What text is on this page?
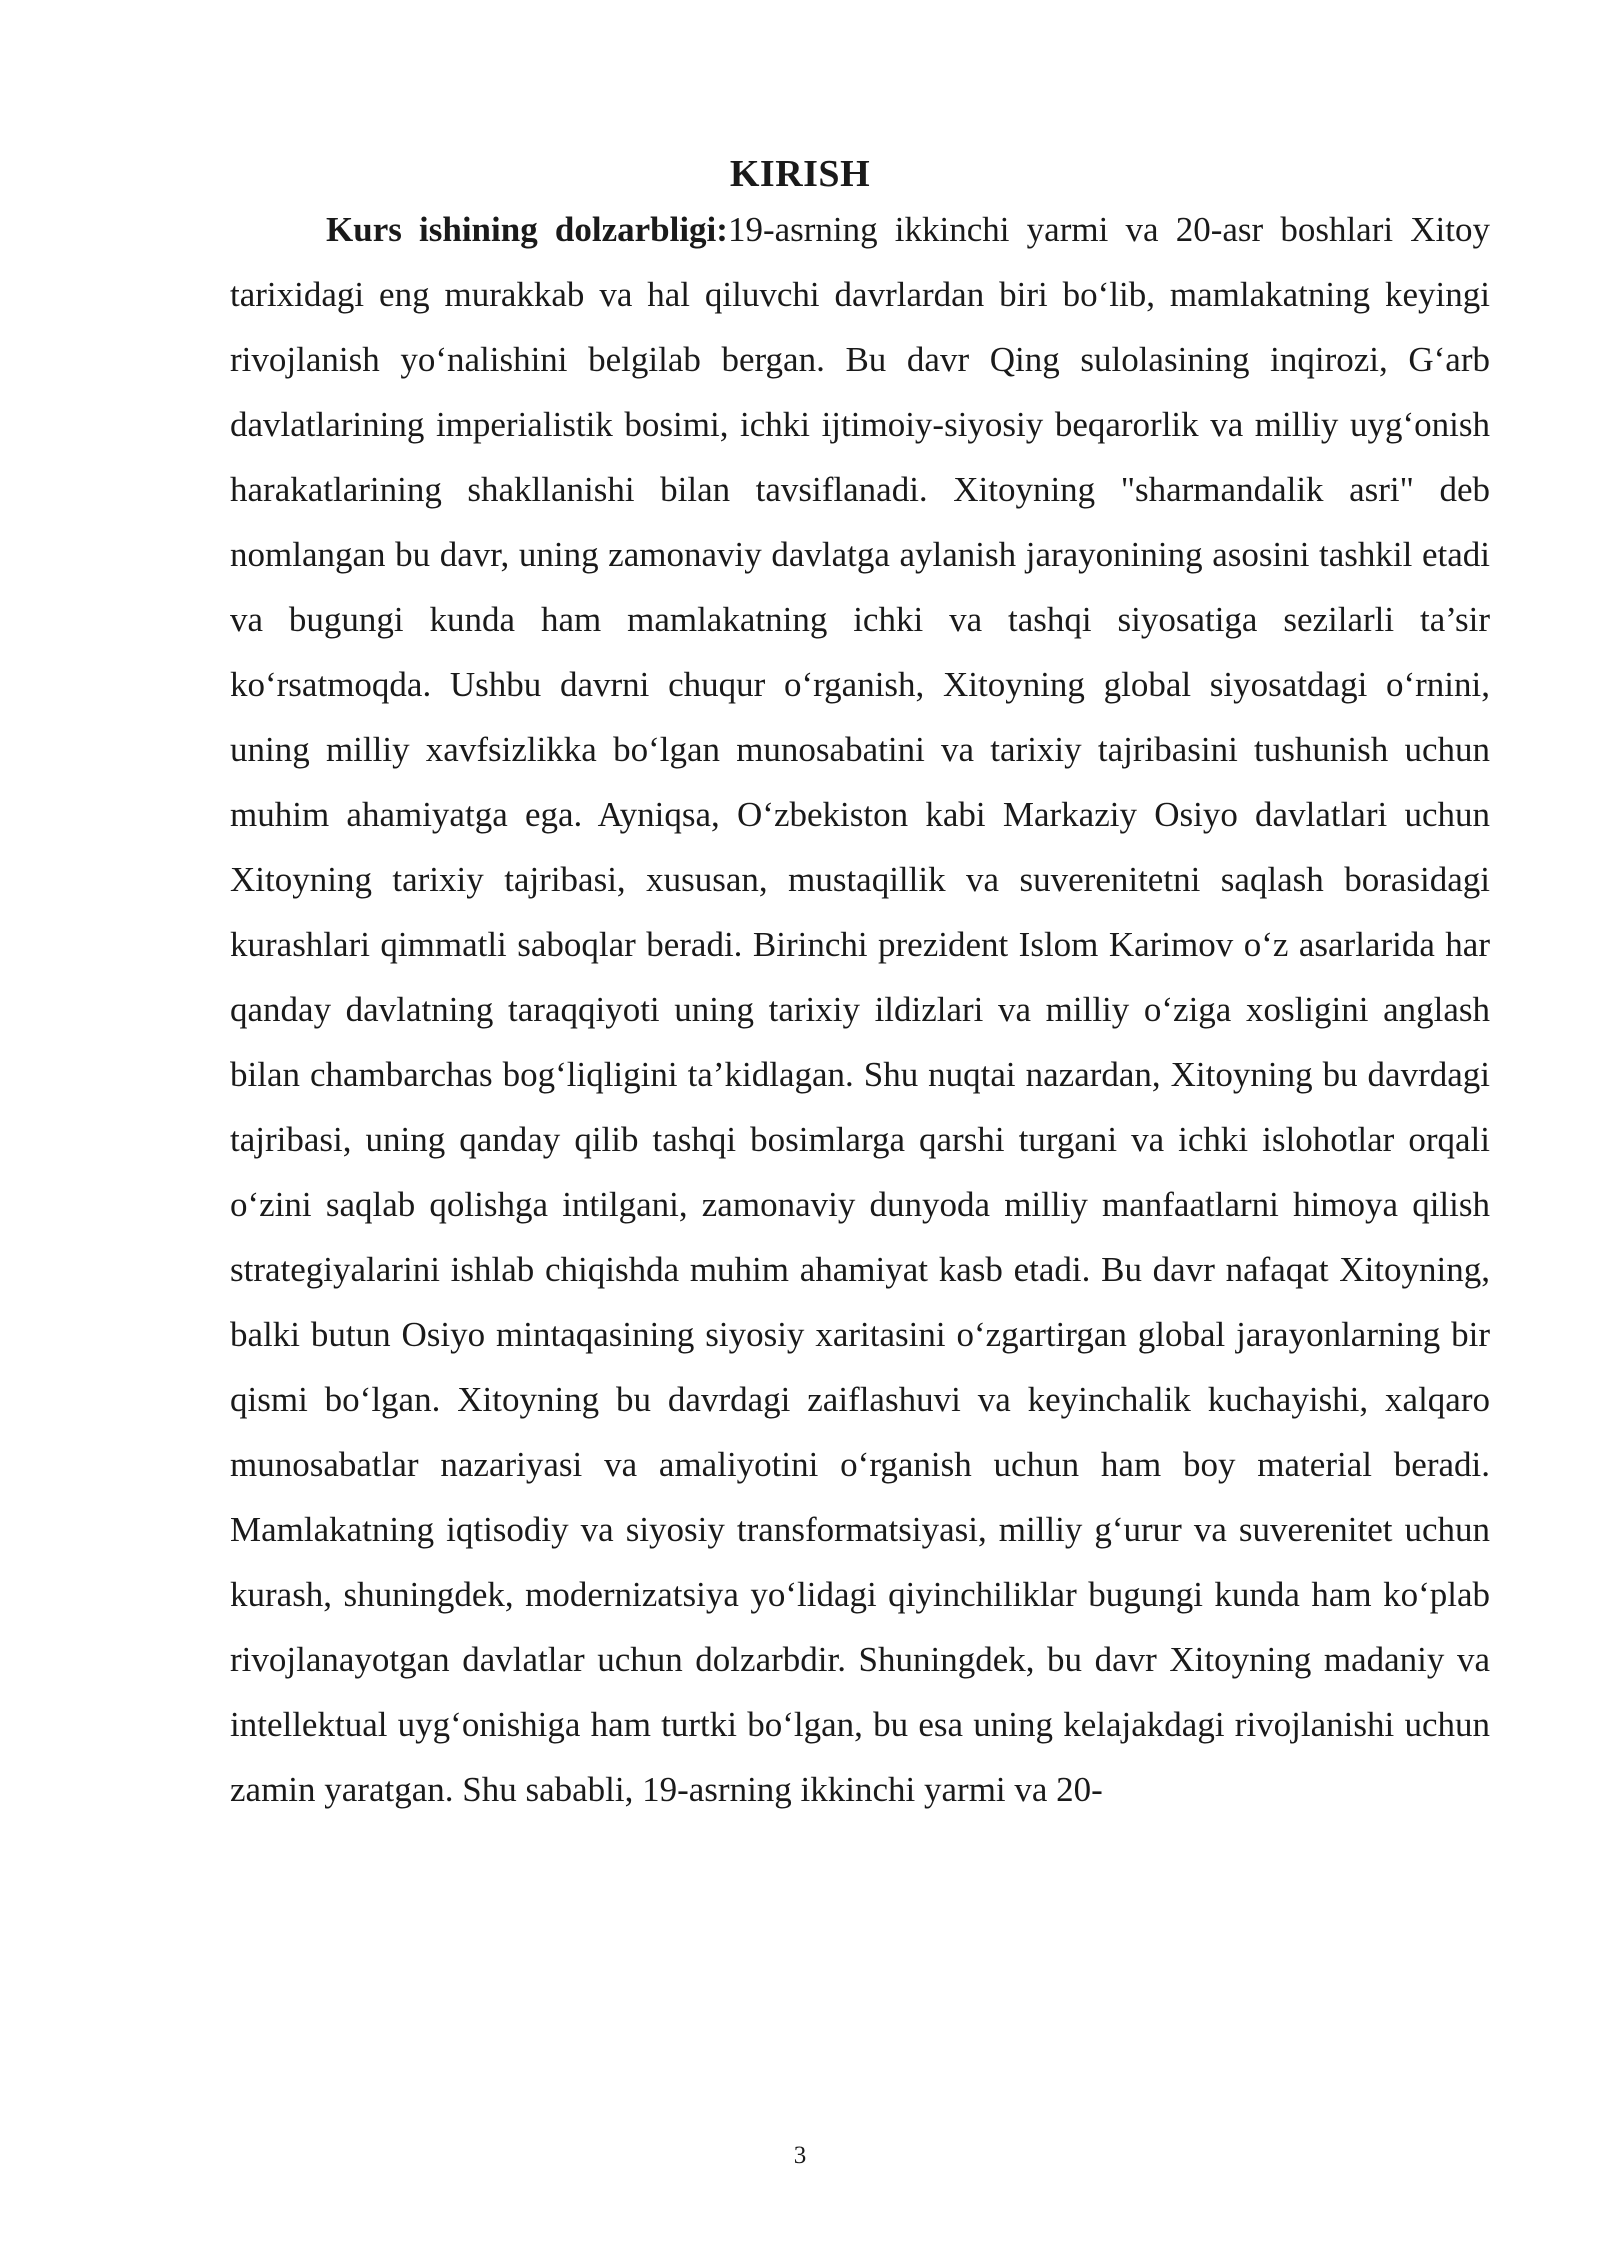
KIRISH

Kurs ishining dolzarbligi:19-asrning ikkinchi yarmi va 20-asr boshlari Xitoy tarixidagi eng murakkab va hal qiluvchi davrlardan biri bo‘lib, mamlakatning keyingi rivojlanish yo‘nalishini belgilab bergan. Bu davr Qing sulolasining inqirozi, G‘arb davlatlarining imperialistik bosimi, ichki ijtimoiy-siyosiy beqarorlik va milliy uyg‘onish harakatlarining shakllanishi bilan tavsiflanadi. Xitoyning "sharmandalik asri" deb nomlangan bu davr, uning zamonaviy davlatga aylanish jarayonining asosini tashkil etadi va bugungi kunda ham mamlakatning ichki va tashqi siyosatiga sezilarli ta’sir ko‘rsatmoqda. Ushbu davrni chuqur o‘rganish, Xitoyning global siyosatdagi o‘rnini, uning milliy xavfsizlikka bo‘lgan munosabatini va tarixiy tajribasini tushunish uchun muhim ahamiyatga ega. Ayniqsa, O‘zbekiston kabi Markaziy Osiyo davlatlari uchun Xitoyning tarixiy tajribasi, xususan, mustaqillik va suverenitetni saqlash borasidagi kurashlari qimmatli saboqlar beradi. Birinchi prezident Islom Karimov o‘z asarlarida har qanday davlatning taraqqiyoti uning tarixiy ildizlari va milliy o‘ziga xosligini anglash bilan chambarchas bog‘liqligini ta’kidlagan. Shu nuqtai nazardan, Xitoyning bu davrdagi tajribasi, uning qanday qilib tashqi bosimlarga qarshi turgani va ichki islohotlar orqali o‘zini saqlab qolishga intilgani, zamonaviy dunyoda milliy manfaatlarni himoya qilish strategiyalarini ishlab chiqishda muhim ahamiyat kasb etadi. Bu davr nafaqat Xitoyning, balki butun Osiyo mintaqasining siyosiy xaritasini o‘zgartirgan global jarayonlarning bir qismi bo‘lgan. Xitoyning bu davrdagi zaiflashuvi va keyinchalik kuchayishi, xalqaro munosabatlar nazariyasi va amaliyotini o‘rganish uchun ham boy material beradi. Mamlakatning iqtisodiy va siyosiy transformatsiyasi, milliy g‘urur va suverenitet uchun kurash, shuningdek, modernizatsiya yo‘lidagi qiyinchiliklar bugungi kunda ham ko‘plab rivojlanayotgan davlatlar uchun dolzarbdir. Shuningdek, bu davr Xitoyning madaniy va intellektual uyg‘onishiga ham turtki bo‘lgan, bu esa uning kelajakdagi rivojlanishi uchun zamin yaratgan. Shu sababli, 19-asrning ikkinchi yarmi va 20-

3
